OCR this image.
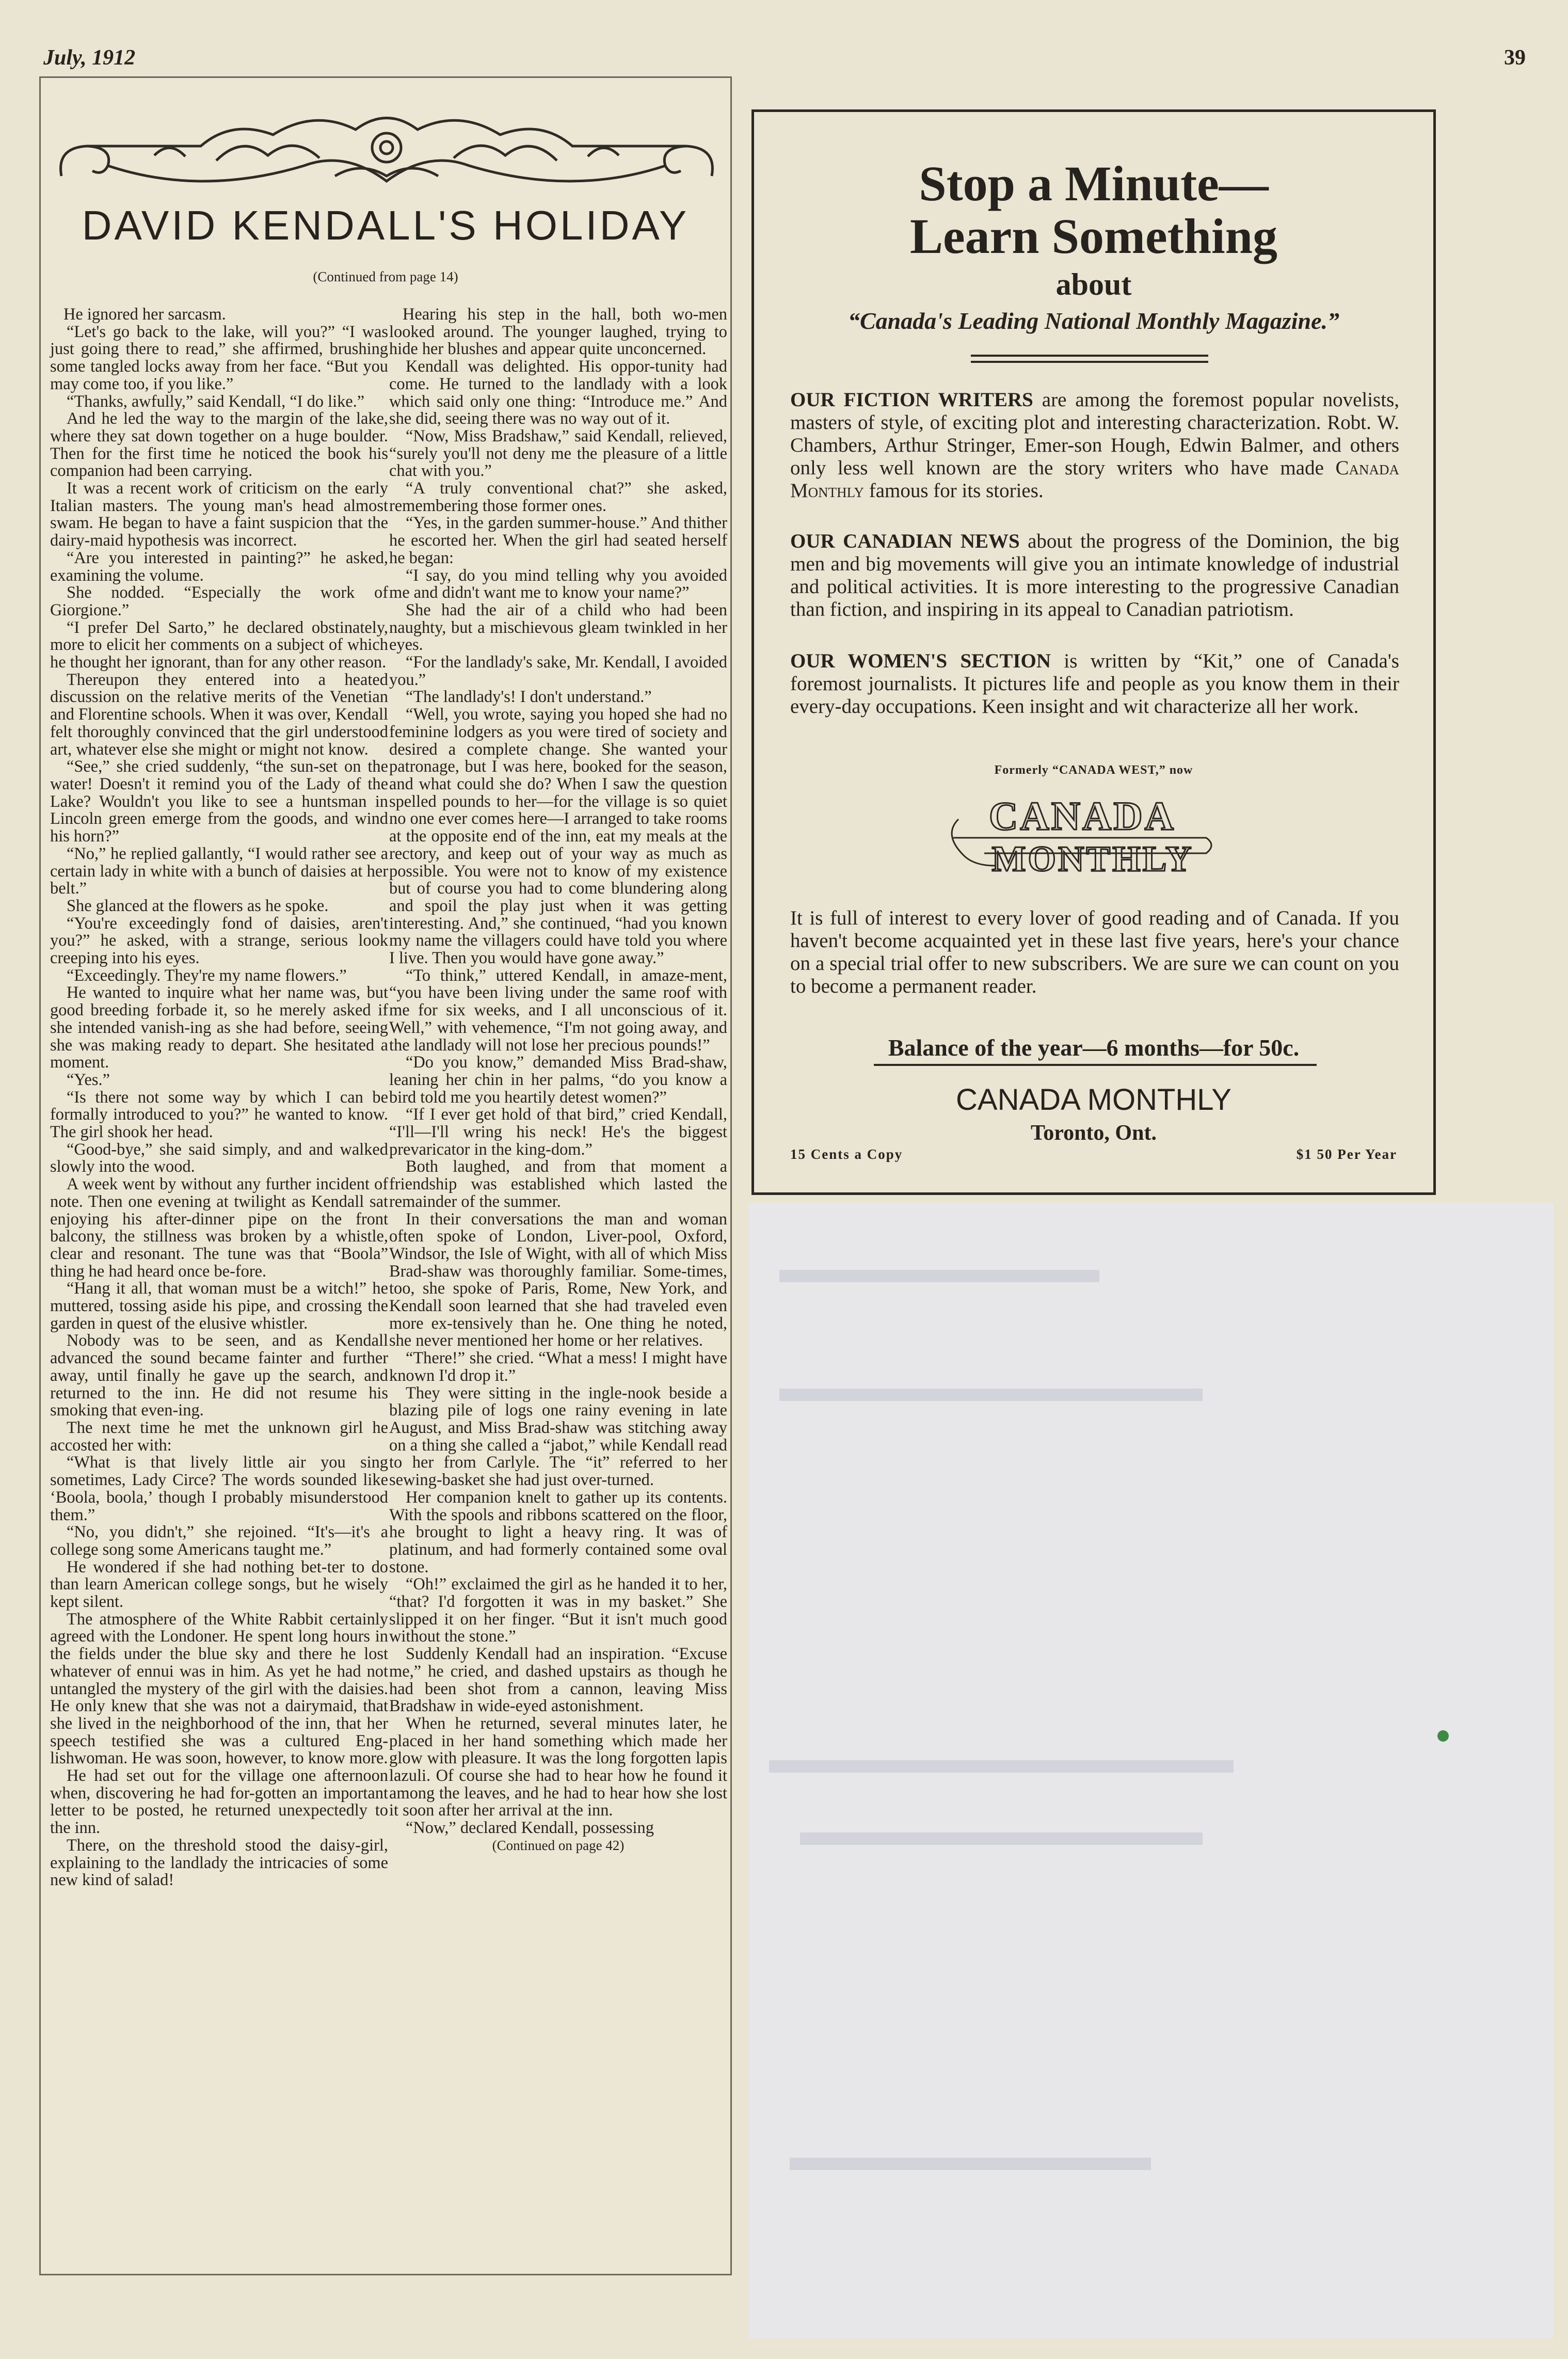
July, 1912	39
DAVID KENDALL'S HOLIDAY
(Continued from page 14)

He ignored her sarcasm.

“Let's go back to the lake, will you?” “I was just going there to read,” she affirmed, brushing some tangled locks away from her face. “But you may come too, if you like.”

“Thanks, awfully,” said Kendall, “I do like.”

And he led the way to the margin of the lake, where they sat down together on a huge boulder. Then for the first time he noticed the book his companion had been carrying.

It was a recent work of criticism on the early Italian masters. The young man's head almost swam. He began to have a faint suspicion that the dairy-maid hypothesis was incorrect.

“Are you interested in painting?” he asked, examining the volume.

She nodded. “Especially the work of Giorgione.”

“I prefer Del Sarto,” he declared obstinately, more to elicit her comments on a subject of which he thought her ignorant, than for any other reason.

Thereupon they entered into a heated discussion on the relative merits of the Venetian and Florentine schools. When it was over, Kendall felt thoroughly convinced that the girl understood art, whatever else she might or might not know.

“See,” she cried suddenly, “the sun-set on the water! Doesn't it remind you of the Lady of the Lake? Wouldn't you like to see a huntsman in Lincoln green emerge from the goods, and wind his horn?”

“No,” he replied gallantly, “I would rather see a certain lady in white with a bunch of daisies at her belt.”

She glanced at the flowers as he spoke.

“You're exceedingly fond of daisies, aren't you?” he asked, with a strange, serious look creeping into his eyes.

“Exceedingly. They're my name flowers.”

He wanted to inquire what her name was, but good breeding forbade it, so he merely asked if she intended vanish-ing as she had before, seeing she was making ready to depart. She hesitated a moment.

“Yes.”

“Is there not some way by which I can be formally introduced to you?” he wanted to know. The girl shook her head.

“Good-bye,” she said simply, and and walked slowly into the wood.

A week went by without any further incident of note. Then one evening at twilight as Kendall sat enjoying his after-dinner pipe on the front balcony, the stillness was broken by a whistle, clear and resonant. The tune was that “Boola” thing he had heard once be-fore.

“Hang it all, that woman must be a witch!” he muttered, tossing aside his pipe, and crossing the garden in quest of the elusive whistler.

Nobody was to be seen, and as Kendall advanced the sound became fainter and further away, until finally he gave up the search, and returned to the inn. He did not resume his smoking that even-ing.

The next time he met the unknown girl he accosted her with:

“What is that lively little air you sing sometimes, Lady Circe? The words sounded like ‘Boola, boola,’ though I probably misunderstood them.”

“No, you didn't,” she rejoined. “It's—it's a college song some Americans taught me.”

He wondered if she had nothing bet-ter to do than learn American college songs, but he wisely kept silent.

The atmosphere of the White Rabbit certainly agreed with the Londoner. He spent long hours in the fields under the blue sky and there he lost whatever of ennui was in him. As yet he had not untangled the mystery of the girl with the daisies. He only knew that she was not a dairymaid, that she lived in the neighborhood of the inn, that her speech testified she was a cultured Eng-lishwoman. He was soon, however, to know more.

He had set out for the village one afternoon when, discovering he had for-gotten an important letter to be posted, he returned unexpectedly to the inn.

There, on the threshold stood the daisy-girl, explaining to the landlady the intricacies of some new kind of salad!

Hearing his step in the hall, both wo-men looked around. The younger laughed, trying to hide her blushes and appear quite unconcerned.

Kendall was delighted. His oppor-tunity had come. He turned to the landlady with a look which said only one thing: “Introduce me.” And she did, seeing there was no way out of it.

“Now, Miss Bradshaw,” said Kendall, relieved, “surely you'll not deny me the pleasure of a little chat with you.”

“A truly conventional chat?” she asked, remembering those former ones.

“Yes, in the garden summer-house.” And thither he escorted her. When the girl had seated herself he began:

“I say, do you mind telling why you avoided me and didn't want me to know your name?”

She had the air of a child who had been naughty, but a mischievous gleam twinkled in her eyes.

“For the landlady's sake, Mr. Kendall, I avoided you.”

“The landlady's! I don't understand.”

“Well, you wrote, saying you hoped she had no feminine lodgers as you were tired of society and desired a complete change. She wanted your patronage, but I was here, booked for the season, and what could she do? When I saw the question spelled pounds to her—for the village is so quiet no one ever comes here—I arranged to take rooms at the opposite end of the inn, eat my meals at the rectory, and keep out of your way as much as possible. You were not to know of my existence but of course you had to come blundering along and spoil the play just when it was getting interesting. And,” she continued, “had you known my name the villagers could have told you where I live. Then you would have gone away.”

“To think,” uttered Kendall, in amaze-ment, “you have been living under the same roof with me for six weeks, and I all unconscious of it. Well,” with vehemence, “I'm not going away, and the landlady will not lose her precious pounds!”

“Do you know,” demanded Miss Brad-shaw, leaning her chin in her palms, “do you know a bird told me you heartily detest women?”

“If I ever get hold of that bird,” cried Kendall, “I'll—I'll wring his neck! He's the biggest prevaricator in the king-dom.”

Both laughed, and from that moment a friendship was established which lasted the remainder of the summer.

In their conversations the man and woman often spoke of London, Liver-pool, Oxford, Windsor, the Isle of Wight, with all of which Miss Brad-shaw was thoroughly familiar. Some-times, too, she spoke of Paris, Rome, New York, and Kendall soon learned that she had traveled even more ex-tensively than he. One thing he noted, she never mentioned her home or her relatives.

“There!” she cried. “What a mess! I might have known I'd drop it.”

They were sitting in the ingle-nook beside a blazing pile of logs one rainy evening in late August, and Miss Brad-shaw was stitching away on a thing she called a “jabot,” while Kendall read to her from Carlyle. The “it” referred to her sewing-basket she had just over-turned.

Her companion knelt to gather up its contents. With the spools and ribbons scattered on the floor, he brought to light a heavy ring. It was of platinum, and had formerly contained some oval stone.

“Oh!” exclaimed the girl as he handed it to her, “that? I'd forgotten it was in my basket.” She slipped it on her finger. “But it isn't much good without the stone.”

Suddenly Kendall had an inspiration. “Excuse me,” he cried, and dashed upstairs as though he had been shot from a cannon, leaving Miss Bradshaw in wide-eyed astonishment.

When he returned, several minutes later, he placed in her hand something which made her glow with pleasure. It was the long forgotten lapis lazuli. Of course she had to hear how he found it among the leaves, and he had to hear how she lost it soon after her arrival at the inn.

“Now,” declared Kendall, possessing

(Continued on page 42)

Stop a Minute—
Learn Something
about
“Canada's Leading National Monthly Magazine.”

OUR FICTION WRITERS are among the foremost popular novelists, masters of style, of exciting plot and interesting characterization. Robt. W. Chambers, Arthur Stringer, Emer-son Hough, Edwin Balmer, and others only less well known are the story writers who have made Canada Monthly famous for its stories.

OUR CANADIAN NEWS about the progress of the Dominion, the big men and big movements will give you an intimate knowledge of industrial and political activities. It is more interesting to the progressive Canadian than fiction, and inspiring in its appeal to Canadian patriotism.

OUR WOMEN'S SECTION is written by “Kit,” one of Canada's foremost journalists. It pictures life and people as you know them in their every-day occupations. Keen insight and wit characterize all her work.

Formerly “CANADA WEST,” now
CANADA
MONTHLY

It is full of interest to every lover of good reading and of Canada. If you haven't become acquainted yet in these last five years, here's your chance on a special trial offer to new subscribers. We are sure we can count on you to become a permanent reader.

Balance of the year—6 months—for 50c.
CANADA MONTHLY
Toronto, Ont.
15 Cents a Copy	$1 50 Per Year
